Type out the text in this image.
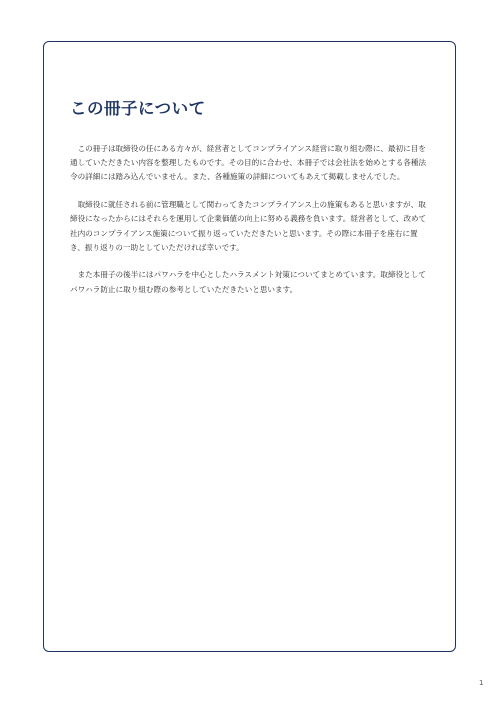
この冊子について

この冊子は取締役の任にある方々が、経営者としてコンプライアンス経営に取り組む際に、最初に目を通していただきたい内容を整理したものです。その目的に合わせ、本冊子では会社法を始めとする各種法令の詳細には踏み込んでいません。また、各種施策の詳細についてもあえて掲載しませんでした。

取締役に就任される前に管理職として関わってきたコンプライアンス上の施策もあると思いますが、取締役になったからにはそれらを運用して企業価値の向上に努める義務を負います。経営者として、改めて社内のコンプライアンス施策について振り返っていただきたいと思います。その際に本冊子を座右に置き、振り返りの一助としていただければ幸いです。

また本冊子の後半にはパワハラを中心としたハラスメント対策についてまとめています。取締役としてパワハラ防止に取り組む際の参考としていただきたいと思います。

1
